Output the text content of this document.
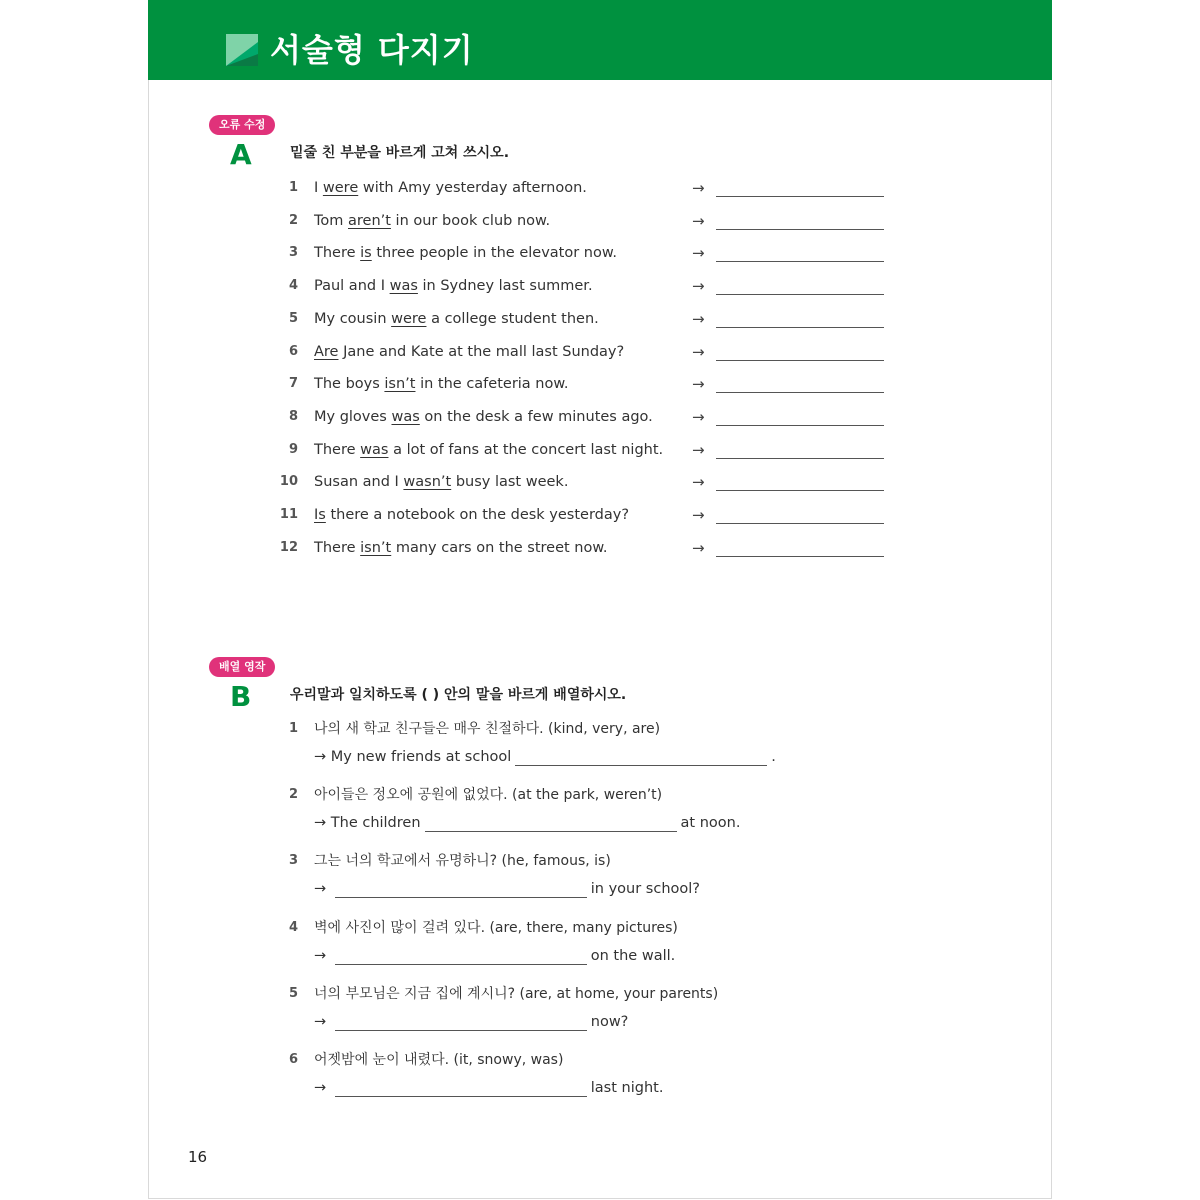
서술형 다지기
오류 수정
A	밑줄 친 부분을 바르게 고쳐 쓰시오.
1 I were with Amy yesterday afternoon.	→
2 Tom aren’t in our book club now.	→
3 There is three people in the elevator now.	→
4 Paul and I was in Sydney last summer.	→
5 My cousin were a college student then.	→
6 Are Jane and Kate at the mall last Sunday?	→
7 The boys isn’t in the cafeteria now.	→
8 My gloves was on the desk a few minutes ago.	→
9 There was a lot of fans at the concert last night. →
10 Susan and I wasn’t busy last week.	→
11 Is there a notebook on the desk yesterday?	→
12 There isn’t many cars on the street now.	→
배열 영작
B	우리말과 일치하도록 ( ) 안의 말을 바르게 배열하시오.
1 나의 새 학교 친구들은 매우 친절하다. (kind, very, are)
→ My new friends at school	.
2 아이들은 정오에 공원에 없었다. (at the park, weren’t)
→ The children	at noon.
3 그는 너의 학교에서 유명하니? (he, famous, is)
→	in your school?
4 벽에 사진이 많이 걸려 있다. (are, there, many pictures)
→	on the wall.
5 너의 부모님은 지금 집에 계시니? (are, at home, your parents)
→	now?
6 어젯밤에 눈이 내렸다. (it, snowy, was)
→	last night.
16
